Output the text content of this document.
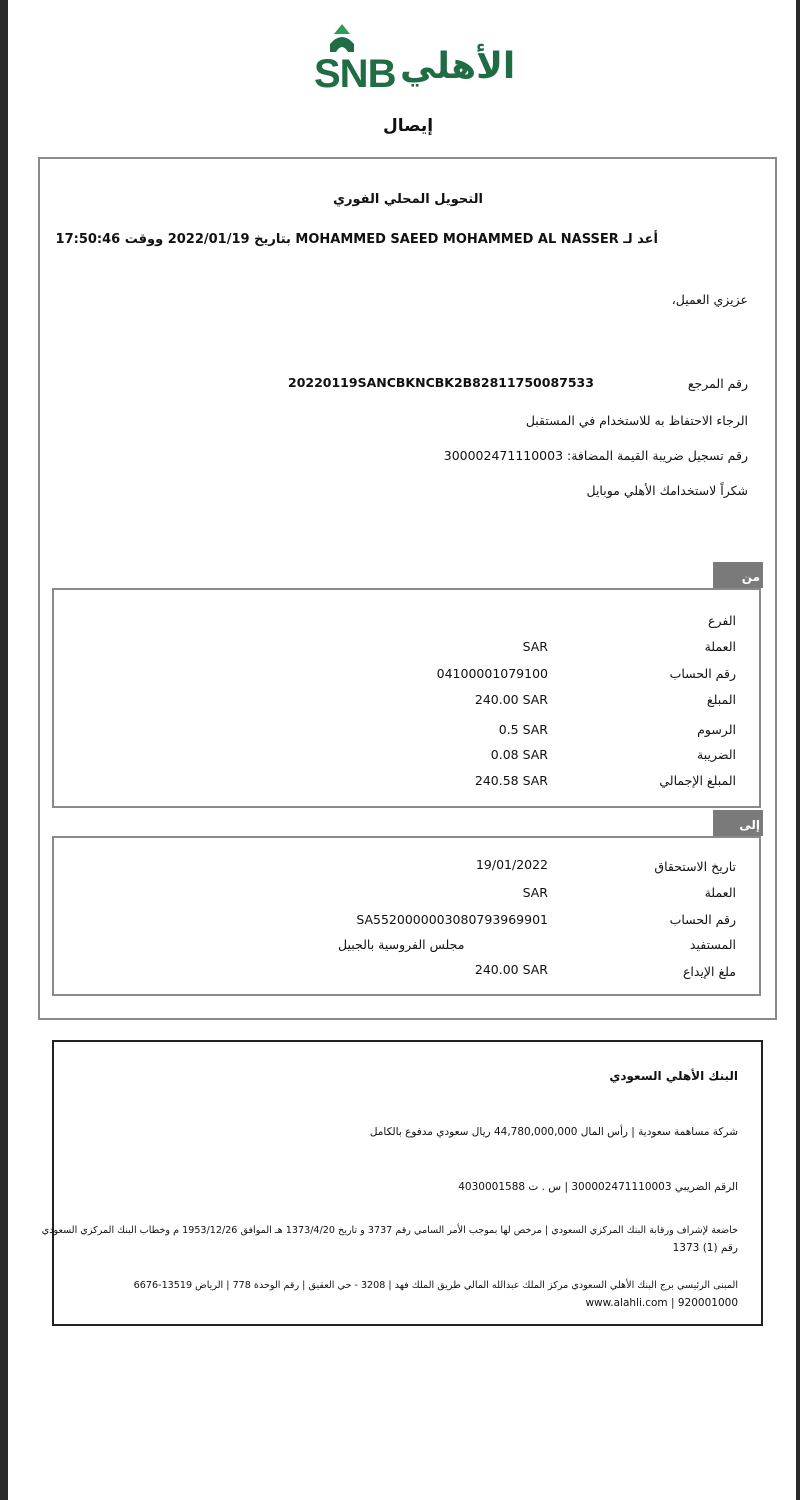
SNB الأهلي
إيصال
التحويل المحلي الفوري
أعد لـ MOHAMMED SAEED MOHAMMED AL NASSER بتاريخ 2022/01/19 ووقت 17:50:46
عزيزي العميل،
رقم المرجع
20220119SANCBKNCBK2B82811750087533
الرجاء الاحتفاظ به للاستخدام في المستقبل
رقم تسجيل ضريبة القيمة المضافة: 300002471110003
شكراً لاستخدامك الأهلي موبايل
من
الفرع
العملة
SAR
رقم الحساب
04100001079100
المبلغ
240.00 SAR
الرسوم
0.5 SAR
الضريبة
0.08 SAR
المبلغ الإجمالي
240.58 SAR
إلى
تاريخ الاستحقاق
19/01/2022
العملة
SAR
رقم الحساب
SA5520000003080793969901
المستفيد
مجلس الفروسية بالجبيل
ملغ الإيداع
240.00 SAR
البنك الأهلي السعودي
شركة مساهمة سعودية | رأس المال 44,780,000,000 ريال سعودي مدفوع بالكامل
الرقم الضريبي 300002471110003 | س . ت 4030001588
خاضعة لإشراف ورقابة البنك المركزي السعودي | مرخص لها بموجب الأمر السامي رقم 3737 و تاريخ 1373/4/20 هـ الموافق 1953/12/26 م وخطاب البنك المركزي السعودي
رقم (1) 1373
المبنى الرئيسي برج البنك الأهلي السعودي مركز الملك عبدالله المالي طريق الملك فهد | 3208 - حي العقيق | رقم الوحدة 778 | الرياض 13519-6676
920001000 | www.alahli.com
